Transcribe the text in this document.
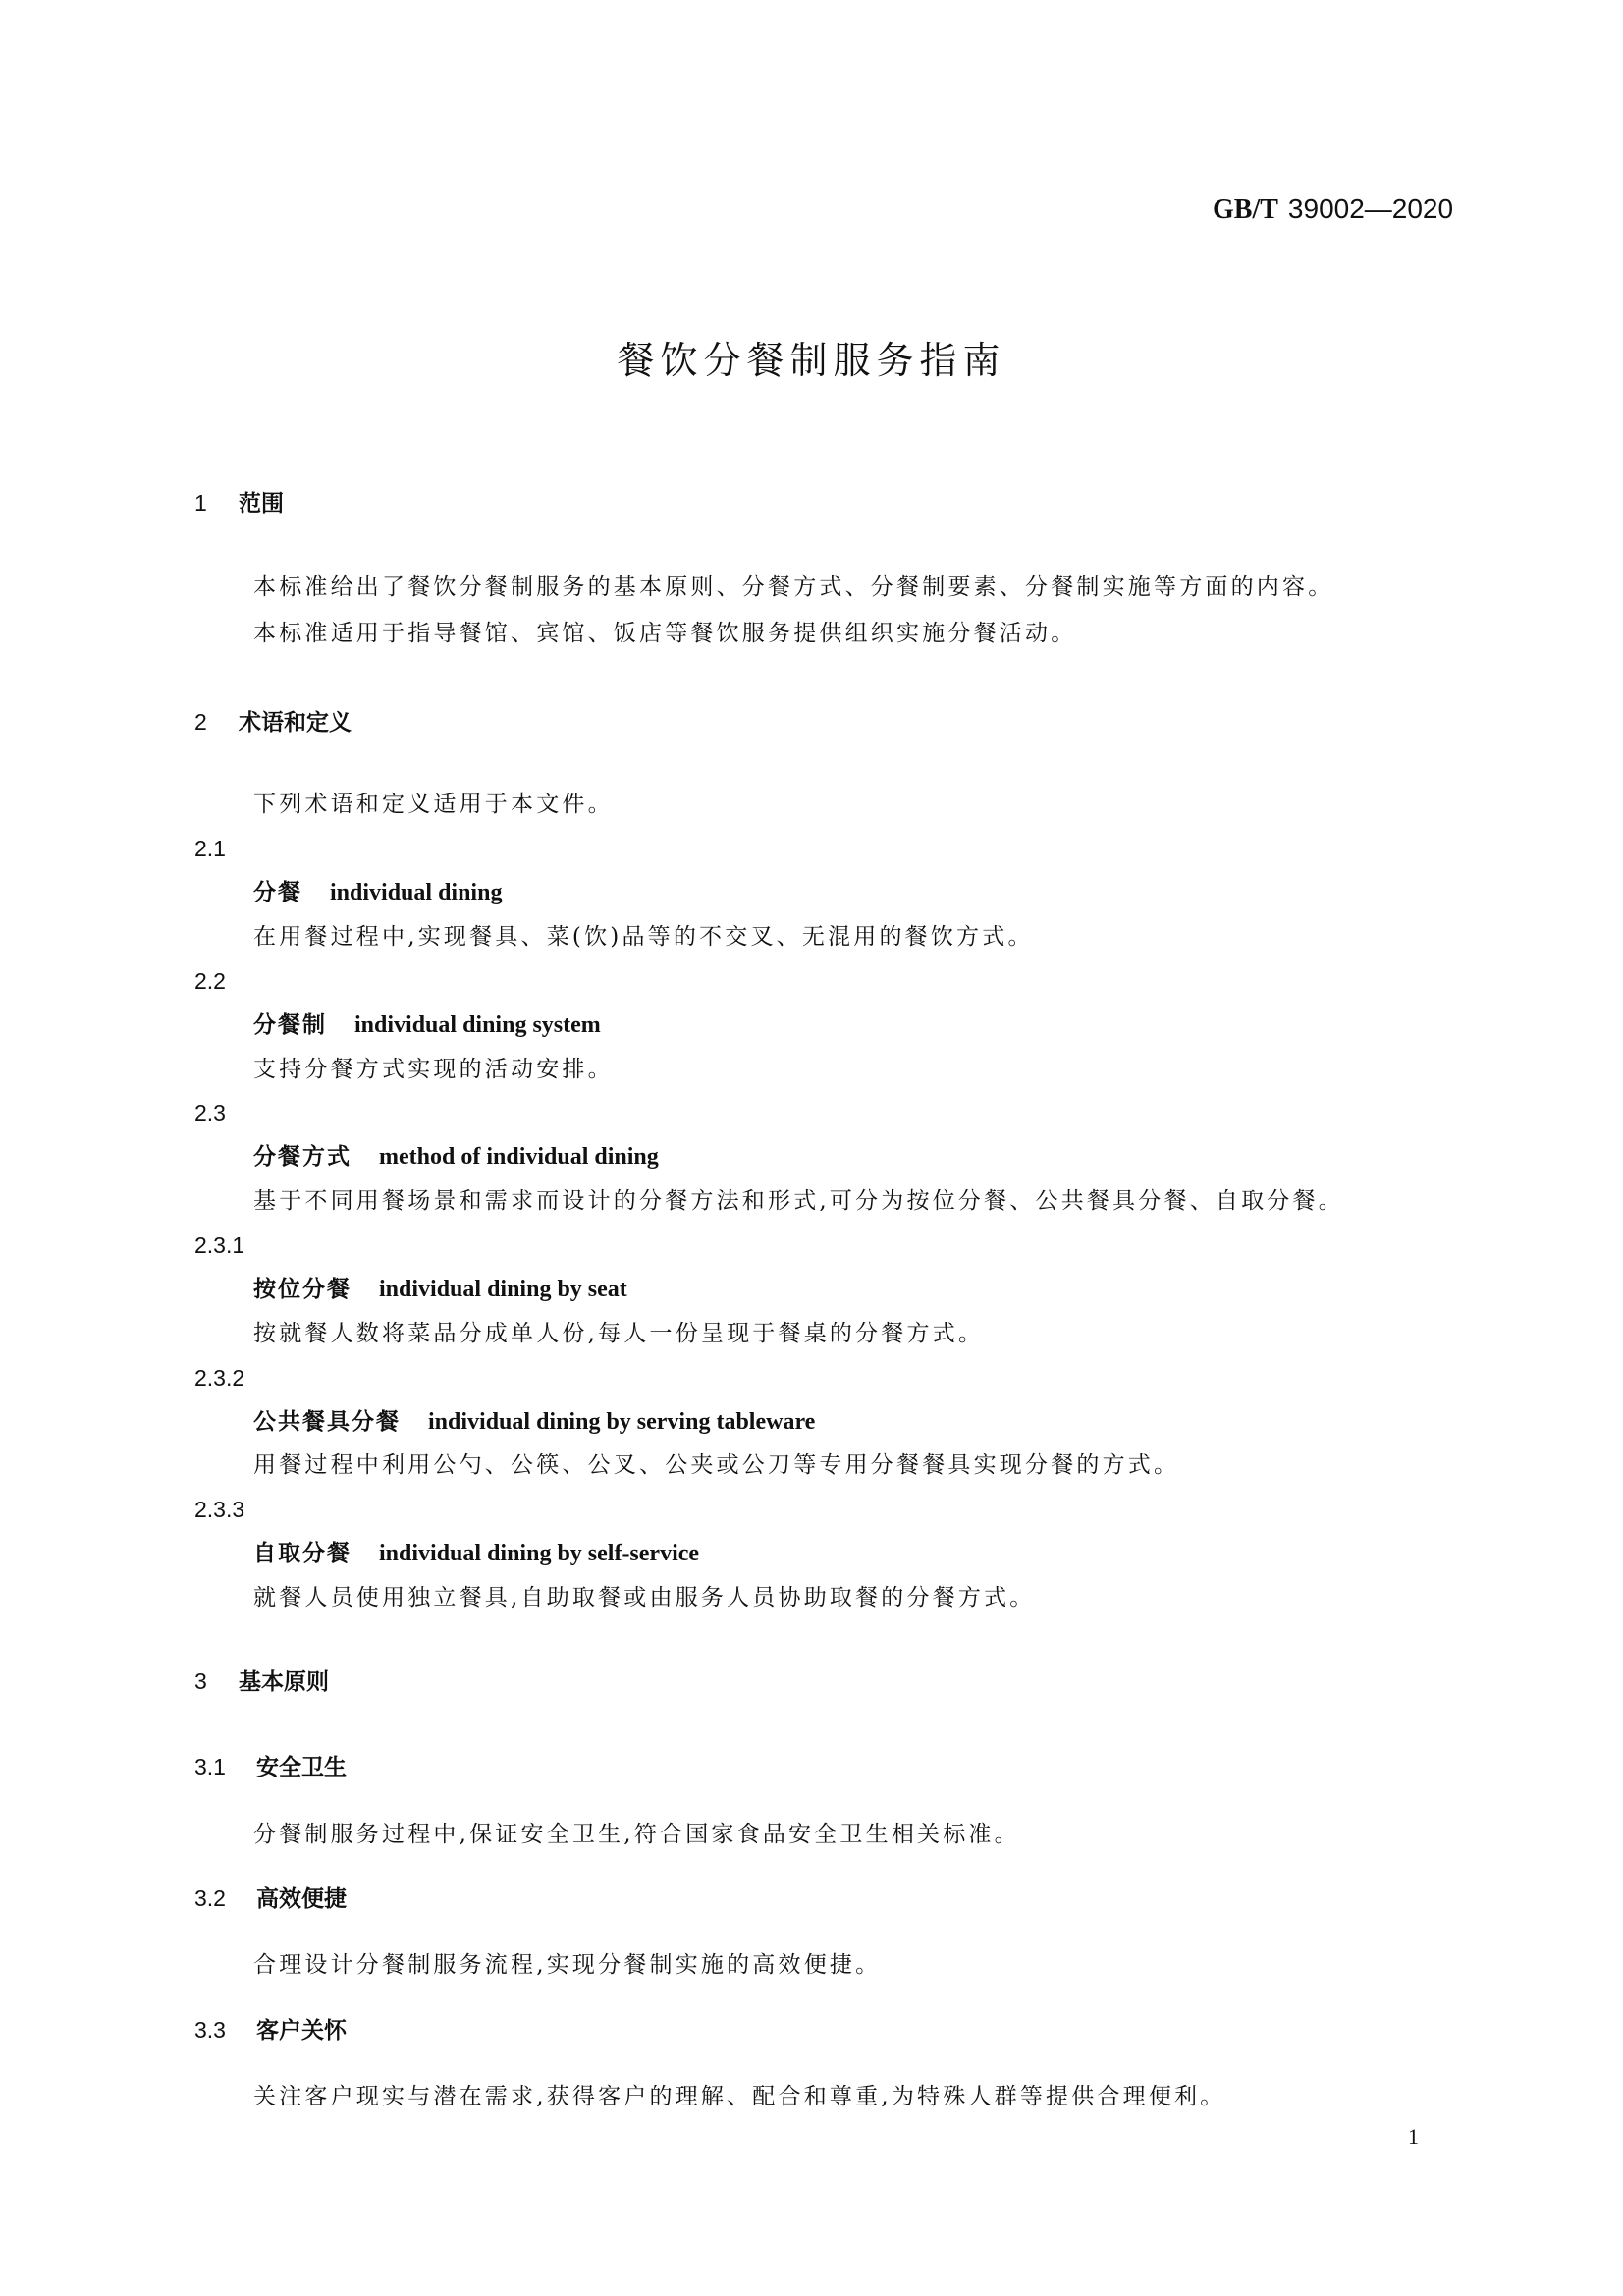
GB/T 39002—2020
餐饮分餐制服务指南
1 范围
本标准给出了餐饮分餐制服务的基本原则、分餐方式、分餐制要素、分餐制实施等方面的内容。
本标准适用于指导餐馆、宾馆、饭店等餐饮服务提供组织实施分餐活动。
2 术语和定义
下列术语和定义适用于本文件。
2.1
分餐 individual dining
在用餐过程中,实现餐具、菜(饮)品等的不交叉、无混用的餐饮方式。
2.2
分餐制 individual dining system
支持分餐方式实现的活动安排。
2.3
分餐方式 method of individual dining
基于不同用餐场景和需求而设计的分餐方法和形式,可分为按位分餐、公共餐具分餐、自取分餐。
2.3.1
按位分餐 individual dining by seat
按就餐人数将菜品分成单人份,每人一份呈现于餐桌的分餐方式。
2.3.2
公共餐具分餐 individual dining by serving tableware
用餐过程中利用公勺、公筷、公叉、公夹或公刀等专用分餐餐具实现分餐的方式。
2.3.3
自取分餐 individual dining by self-service
就餐人员使用独立餐具,自助取餐或由服务人员协助取餐的分餐方式。
3 基本原则
3.1 安全卫生
分餐制服务过程中,保证安全卫生,符合国家食品安全卫生相关标准。
3.2 高效便捷
合理设计分餐制服务流程,实现分餐制实施的高效便捷。
3.3 客户关怀
关注客户现实与潜在需求,获得客户的理解、配合和尊重,为特殊人群等提供合理便利。
1
